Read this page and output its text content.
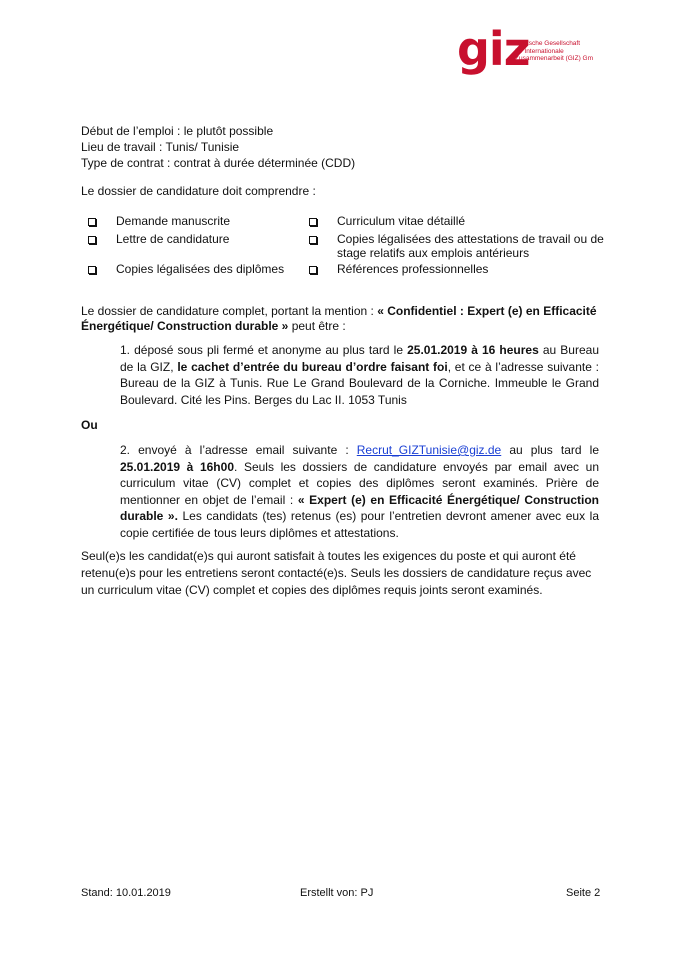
giz
Deutsche Gesellschaft
für Internationale
Zusammenarbeit (GIZ) Gm
Début de l’emploi : le plutôt possible
Lieu de travail : Tunis/ Tunisie
Type de contrat : contrat à durée déterminée (CDD)
Le dossier de candidature doit comprendre :
Demande manuscrite
Lettre de candidature
Copies légalisées des diplômes
Curriculum vitae détaillé
Copies légalisées des attestations de travail ou de
stage relatifs aux emplois antérieurs
Références professionnelles
Le dossier de candidature complet, portant la mention : « Confidentiel : Expert (e) en Efficacité
Énergétique/ Construction durable » peut être :
1. déposé sous pli fermé et anonyme au plus tard le 25.01.2019 à 16 heures au Bureau de la GIZ, le cachet d’entrée du bureau d’ordre faisant foi, et ce à l’adresse suivante : Bureau de la GIZ à Tunis. Rue Le Grand Boulevard de la Corniche. Immeuble le Grand Boulevard. Cité les Pins. Berges du Lac II. 1053 Tunis
Ou
2. envoyé à l’adresse email suivante : Recrut_GIZTunisie@giz.de au plus tard le 25.01.2019 à 16h00. Seuls les dossiers de candidature envoyés par email avec un curriculum vitae (CV) complet et copies des diplômes seront examinés. Prière de mentionner en objet de l’email : « Expert (e) en Efficacité Énergétique/ Construction durable ». Les candidats (tes) retenus (es) pour l’entretien devront amener avec eux la copie certifiée de tous leurs diplômes et attestations.
Seul(e)s les candidat(e)s qui auront satisfait à toutes les exigences du poste et qui auront été retenu(e)s pour les entretiens seront contacté(e)s. Seuls les dossiers de candidature reçus avec un curriculum vitae (CV) complet et copies des diplômes requis joints seront examinés.
Stand: 10.01.2019	Erstellt von: PJ	Seite 2
